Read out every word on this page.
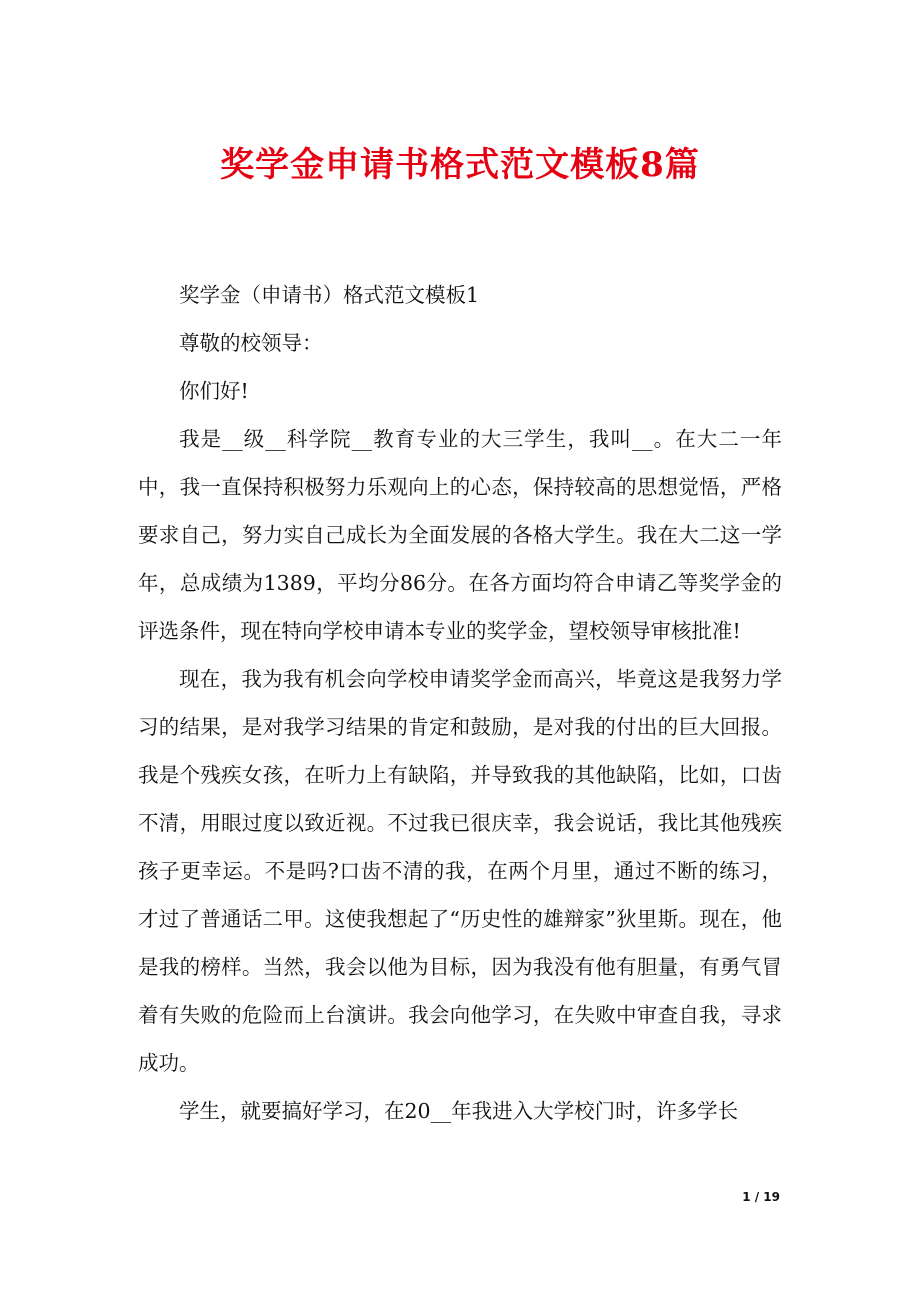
奖学金申请书格式范文模板8篇

奖学金（申请书）格式范文模板1

尊敬的校领导：

你们好!

我是__级__科学院__教育专业的大三学生，我叫__。在大二一年中，我一直保持积极努力乐观向上的心态，保持较高的思想觉悟，严格要求自己，努力实自己成长为全面发展的各格大学生。我在大二这一学年，总成绩为1389，平均分86分。在各方面均符合申请乙等奖学金的评选条件，现在特向学校申请本专业的奖学金，望校领导审核批准!

现在，我为我有机会向学校申请奖学金而高兴，毕竟这是我努力学习的结果，是对我学习结果的肯定和鼓励，是对我的付出的巨大回报。我是个残疾女孩，在听力上有缺陷，并导致我的其他缺陷，比如，口齿不清，用眼过度以致近视。不过我已很庆幸，我会说话，我比其他残疾孩子更幸运。不是吗?口齿不清的我，在两个月里，通过不断的练习，才过了普通话二甲。这使我想起了“历史性的雄辩家”狄里斯。现在，他是我的榜样。当然，我会以他为目标，因为我没有他有胆量，有勇气冒着有失败的危险而上台演讲。我会向他学习，在失败中审查自我，寻求成功。

学生，就要搞好学习，在20__年我进入大学校门时，许多学长

1 / 19
